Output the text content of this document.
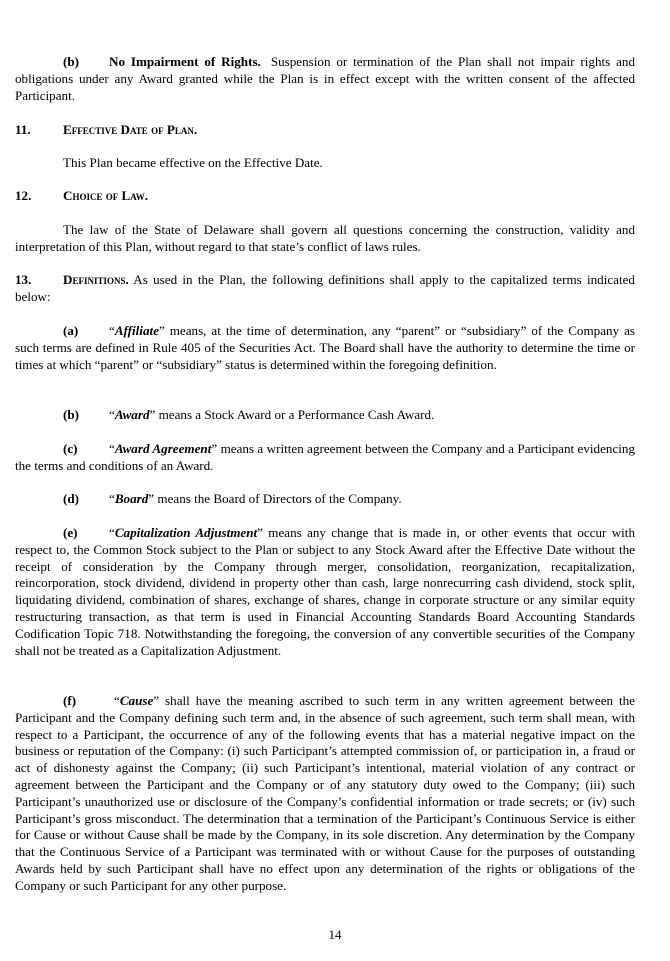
(b) No Impairment of Rights. Suspension or termination of the Plan shall not impair rights and obligations under any Award granted while the Plan is in effect except with the written consent of the affected Participant.
11. Effective Date of Plan.
This Plan became effective on the Effective Date.
12. Choice of Law.
The law of the State of Delaware shall govern all questions concerning the construction, validity and interpretation of this Plan, without regard to that state’s conflict of laws rules.
13. Definitions. As used in the Plan, the following definitions shall apply to the capitalized terms indicated below:
(a) “Affiliate” means, at the time of determination, any “parent” or “subsidiary” of the Company as such terms are defined in Rule 405 of the Securities Act. The Board shall have the authority to determine the time or times at which “parent” or “subsidiary” status is determined within the foregoing definition.
(b) “Award” means a Stock Award or a Performance Cash Award.
(c) “Award Agreement” means a written agreement between the Company and a Participant evidencing the terms and conditions of an Award.
(d) “Board” means the Board of Directors of the Company.
(e) “Capitalization Adjustment” means any change that is made in, or other events that occur with respect to, the Common Stock subject to the Plan or subject to any Stock Award after the Effective Date without the receipt of consideration by the Company through merger, consolidation, reorganization, recapitalization, reincorporation, stock dividend, dividend in property other than cash, large nonrecurring cash dividend, stock split, liquidating dividend, combination of shares, exchange of shares, change in corporate structure or any similar equity restructuring transaction, as that term is used in Financial Accounting Standards Board Accounting Standards Codification Topic 718. Notwithstanding the foregoing, the conversion of any convertible securities of the Company shall not be treated as a Capitalization Adjustment.
(f)	“Cause” shall have the meaning ascribed to such term in any written agreement between the Participant and the Company defining such term and, in the absence of such agreement, such term shall mean, with respect to a Participant, the occurrence of any of the following events that has a material negative impact on the business or reputation of the Company: (i) such Participant’s attempted commission of, or participation in, a fraud or act of dishonesty against the Company; (ii) such Participant’s intentional, material violation of any contract or agreement between the Participant and the Company or of any statutory duty owed to the Company; (iii) such Participant’s unauthorized use or disclosure of the Company’s confidential information or trade secrets; or (iv) such Participant’s gross misconduct. The determination that a termination of the Participant’s Continuous Service is either for Cause or without Cause shall be made by the Company, in its sole discretion. Any determination by the Company that the Continuous Service of a Participant was terminated with or without Cause for the purposes of outstanding Awards held by such Participant shall have no effect upon any determination of the rights or obligations of the Company or such Participant for any other purpose.
14
